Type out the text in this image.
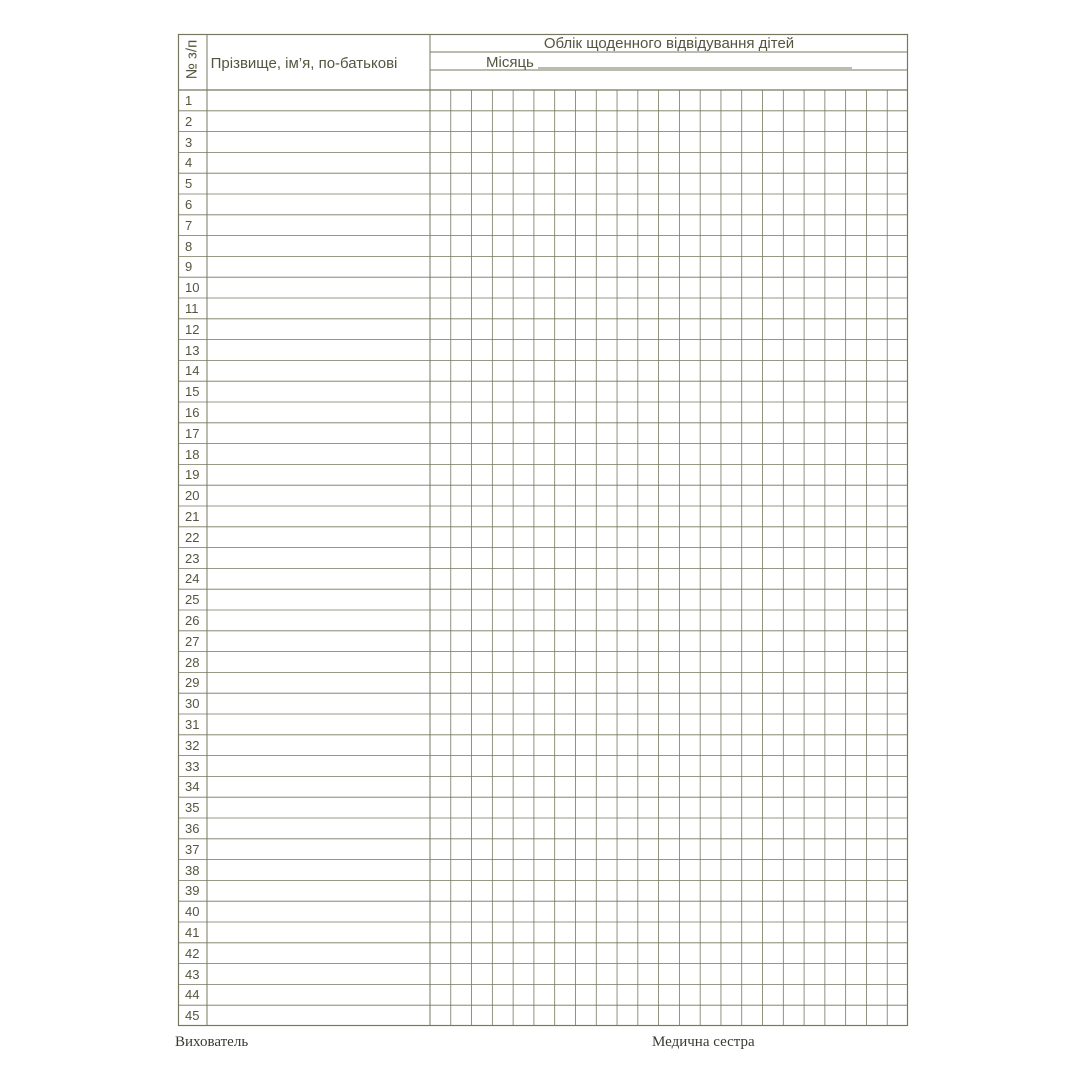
№ з/п Прізвище, ім’я, по-батькові
Облік щоденного відвідування дітей
Місяць
1
2
3
4
5
6
7
8
9
10
11
12
13
14
15
16
17
18
19
20
21
22
23
24
25
26
27
28
29
30
31
32
33
34
35
36
37
38
39
40
41
42
43
44
45
Вихователь	Медична сестра
